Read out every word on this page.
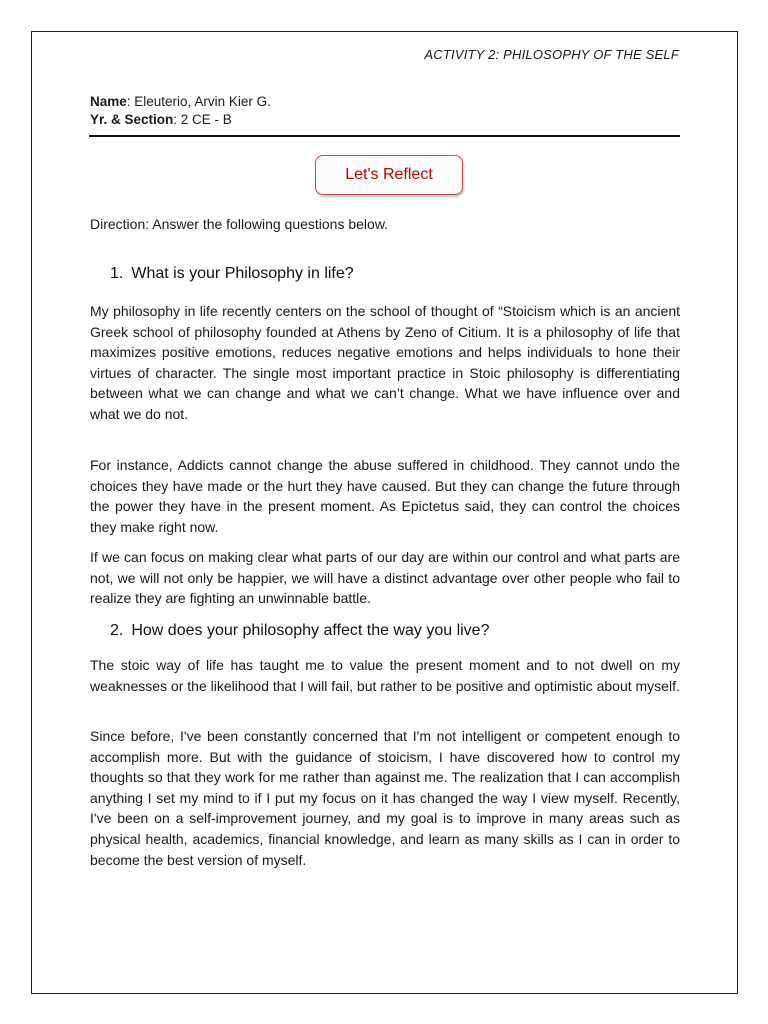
ACTIVITY 2: PHILOSOPHY OF THE SELF
Name: Eleuterio, Arvin Kier G.
Yr. & Section: 2 CE - B
Let's Reflect
Direction: Answer the following questions below.
1. What is your Philosophy in life?
My philosophy in life recently centers on the school of thought of “Stoicism which is an ancient Greek school of philosophy founded at Athens by Zeno of Citium. It is a philosophy of life that maximizes positive emotions, reduces negative emotions and helps individuals to hone their virtues of character. The single most important practice in Stoic philosophy is differentiating between what we can change and what we can’t change. What we have influence over and what we do not.
For instance, Addicts cannot change the abuse suffered in childhood. They cannot undo the choices they have made or the hurt they have caused. But they can change the future through the power they have in the present moment. As Epictetus said, they can control the choices they make right now.
If we can focus on making clear what parts of our day are within our control and what parts are not, we will not only be happier, we will have a distinct advantage over other people who fail to realize they are fighting an unwinnable battle.
2. How does your philosophy affect the way you live?
The stoic way of life has taught me to value the present moment and to not dwell on my weaknesses or the likelihood that I will fail, but rather to be positive and optimistic about myself.
Since before, I've been constantly concerned that I'm not intelligent or competent enough to accomplish more. But with the guidance of stoicism, I have discovered how to control my thoughts so that they work for me rather than against me. The realization that I can accomplish anything I set my mind to if I put my focus on it has changed the way I view myself. Recently, I've been on a self-improvement journey, and my goal is to improve in many areas such as physical health, academics, financial knowledge, and learn as many skills as I can in order to become the best version of myself.
